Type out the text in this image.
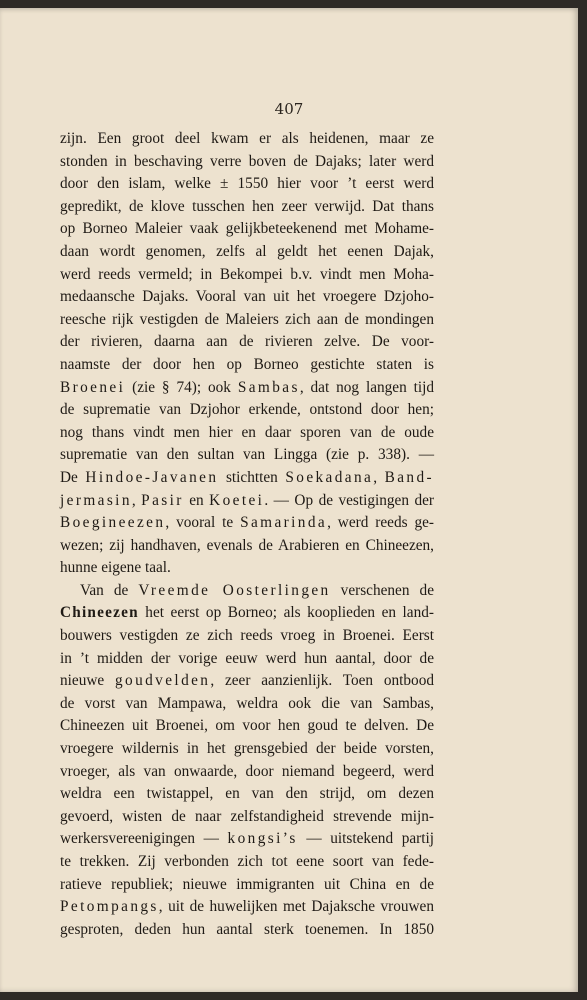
407
zijn. Een groot deel kwam er als heidenen, maar ze
stonden in beschaving verre boven de Dajaks; later werd
door den islam, welke ± 1550 hier voor ’t eerst werd
gepredikt, de klove tusschen hen zeer verwijd. Dat thans
op Borneo Maleier vaak gelijkbeteekenend met Mohame-
daan wordt genomen, zelfs al geldt het eenen Dajak,
werd reeds vermeld; in Bekompei b.v. vindt men Moha-
medaansche Dajaks. Vooral van uit het vroegere Dzjoho-
reesche rijk vestigden de Maleiers zich aan de mondingen
der rivieren, daarna aan de rivieren zelve. De voor-
naamste der door hen op Borneo gestichte staten is
Broenei (zie § 74); ook Sambas, dat nog langen tijd
de suprematie van Dzjohor erkende, ontstond door hen;
nog thans vindt men hier en daar sporen van de oude
suprematie van den sultan van Lingga (zie p. 338). —
De Hindoe-Javanen stichtten Soekadana, Band-
jermasin, Pasir en Koetei. — Op de vestigingen der
Boegineezen, vooral te Samarinda, werd reeds ge-
wezen; zij handhaven, evenals de Arabieren en Chineezen,
hunne eigene taal.
Van de Vreemde Oosterlingen verschenen de
Chineezen het eerst op Borneo; als kooplieden en land-
bouwers vestigden ze zich reeds vroeg in Broenei. Eerst
in ’t midden der vorige eeuw werd hun aantal, door de
nieuwe goudvelden, zeer aanzienlijk. Toen ontbood
de vorst van Mampawa, weldra ook die van Sambas,
Chineezen uit Broenei, om voor hen goud te delven. De
vroegere wildernis in het grensgebied der beide vorsten,
vroeger, als van onwaarde, door niemand begeerd, werd
weldra een twistappel, en van den strijd, om dezen
gevoerd, wisten de naar zelfstandigheid strevende mijn-
werkersvereenigingen — kongsi’s — uitstekend partij
te trekken. Zij verbonden zich tot eene soort van fede-
ratieve republiek; nieuwe immigranten uit China en de
Petompangs, uit de huwelijken met Dajaksche vrouwen
gesproten, deden hun aantal sterk toenemen. In 1850
